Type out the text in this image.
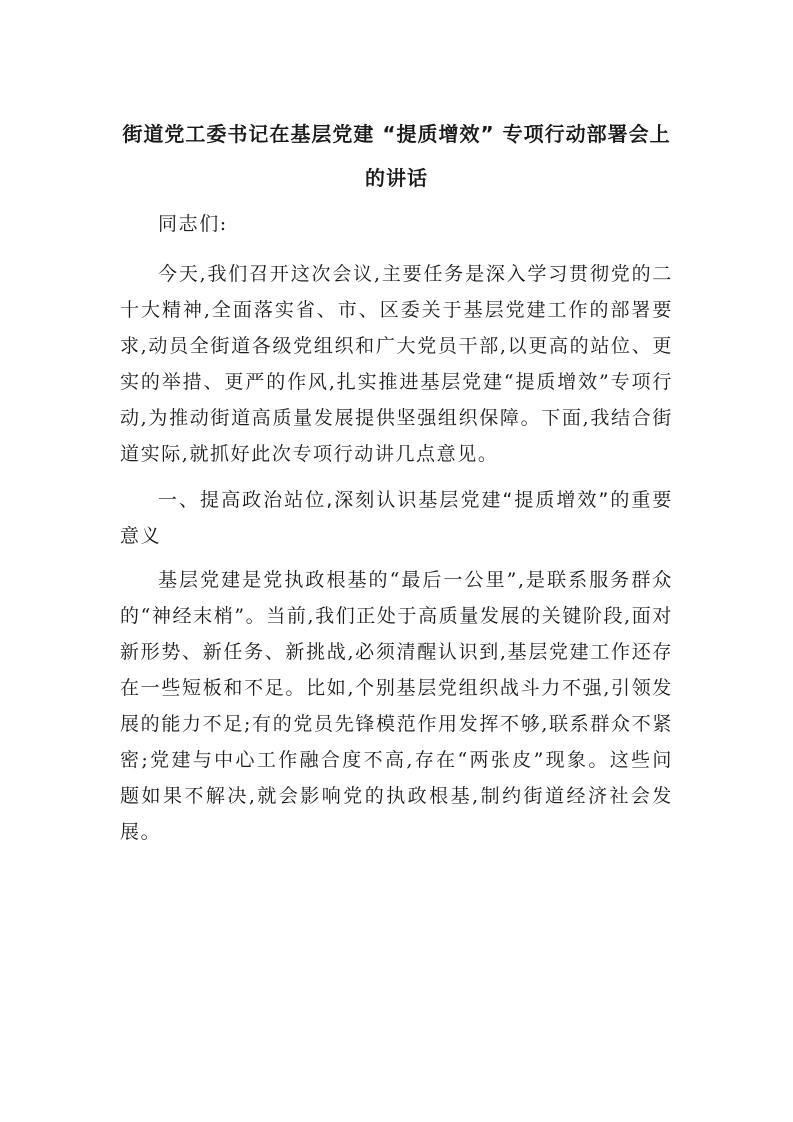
街道党工委书记在基层党建 “提质增效” 专项行动部署会上的讲话

同志们:

今天,我们召开这次会议,主要任务是深入学习贯彻党的二十大精神,全面落实省、市、区委关于基层党建工作的部署要求,动员全街道各级党组织和广大党员干部,以更高的站位、更实的举措、更严的作风,扎实推进基层党建“提质增效”专项行动,为推动街道高质量发展提供坚强组织保障。下面,我结合街道实际,就抓好此次专项行动讲几点意见。

一、提高政治站位,深刻认识基层党建“提质增效”的重要意义

基层党建是党执政根基的“最后一公里”,是联系服务群众的“神经末梢”。当前,我们正处于高质量发展的关键阶段,面对新形势、新任务、新挑战,必须清醒认识到,基层党建工作还存在一些短板和不足。比如,个别基层党组织战斗力不强,引领发展的能力不足;有的党员先锋模范作用发挥不够,联系群众不紧密;党建与中心工作融合度不高,存在“两张皮”现象。这些问题如果不解决,就会影响党的执政根基,制约街道经济社会发展。
